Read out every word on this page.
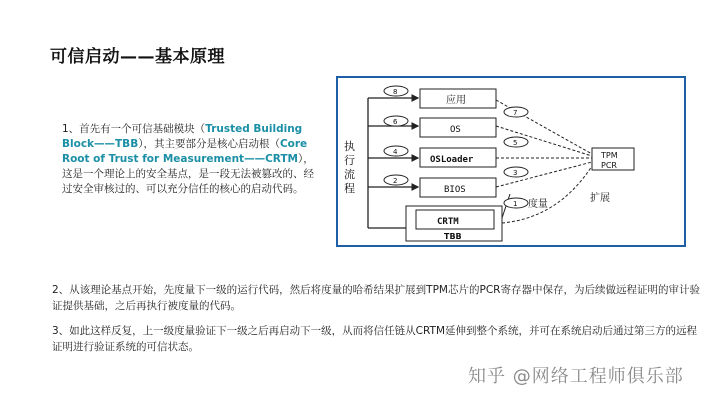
可信启动——基本原理
1、首先有一个可信基础模块（Trusted Building Block——TBB），其主要部分是核心启动根（Core Root of Trust for Measurement——CRTM），这是一个理论上的安全基点，是一段无法被篡改的、经过安全审核过的、可以充分信任的核心的启动代码。
执
行
流
程
8
6
4
2
应用
OS
OSLoader
BIOS
CRTM
TBB
TPM
PCR
7
5
3
1 度量
扩展
2、从该理论基点开始，先度量下一级的运行代码，然后将度量的哈希结果扩展到TPM芯片的PCR寄存器中保存，为后续做远程证明的审计验证提供基础，之后再执行被度量的代码。
3、如此这样反复，上一级度量验证下一级之后再启动下一级，从而将信任链从CRTM延伸到整个系统，并可在系统启动后通过第三方的远程证明进行验证系统的可信状态。
知乎 @网络工程师俱乐部
